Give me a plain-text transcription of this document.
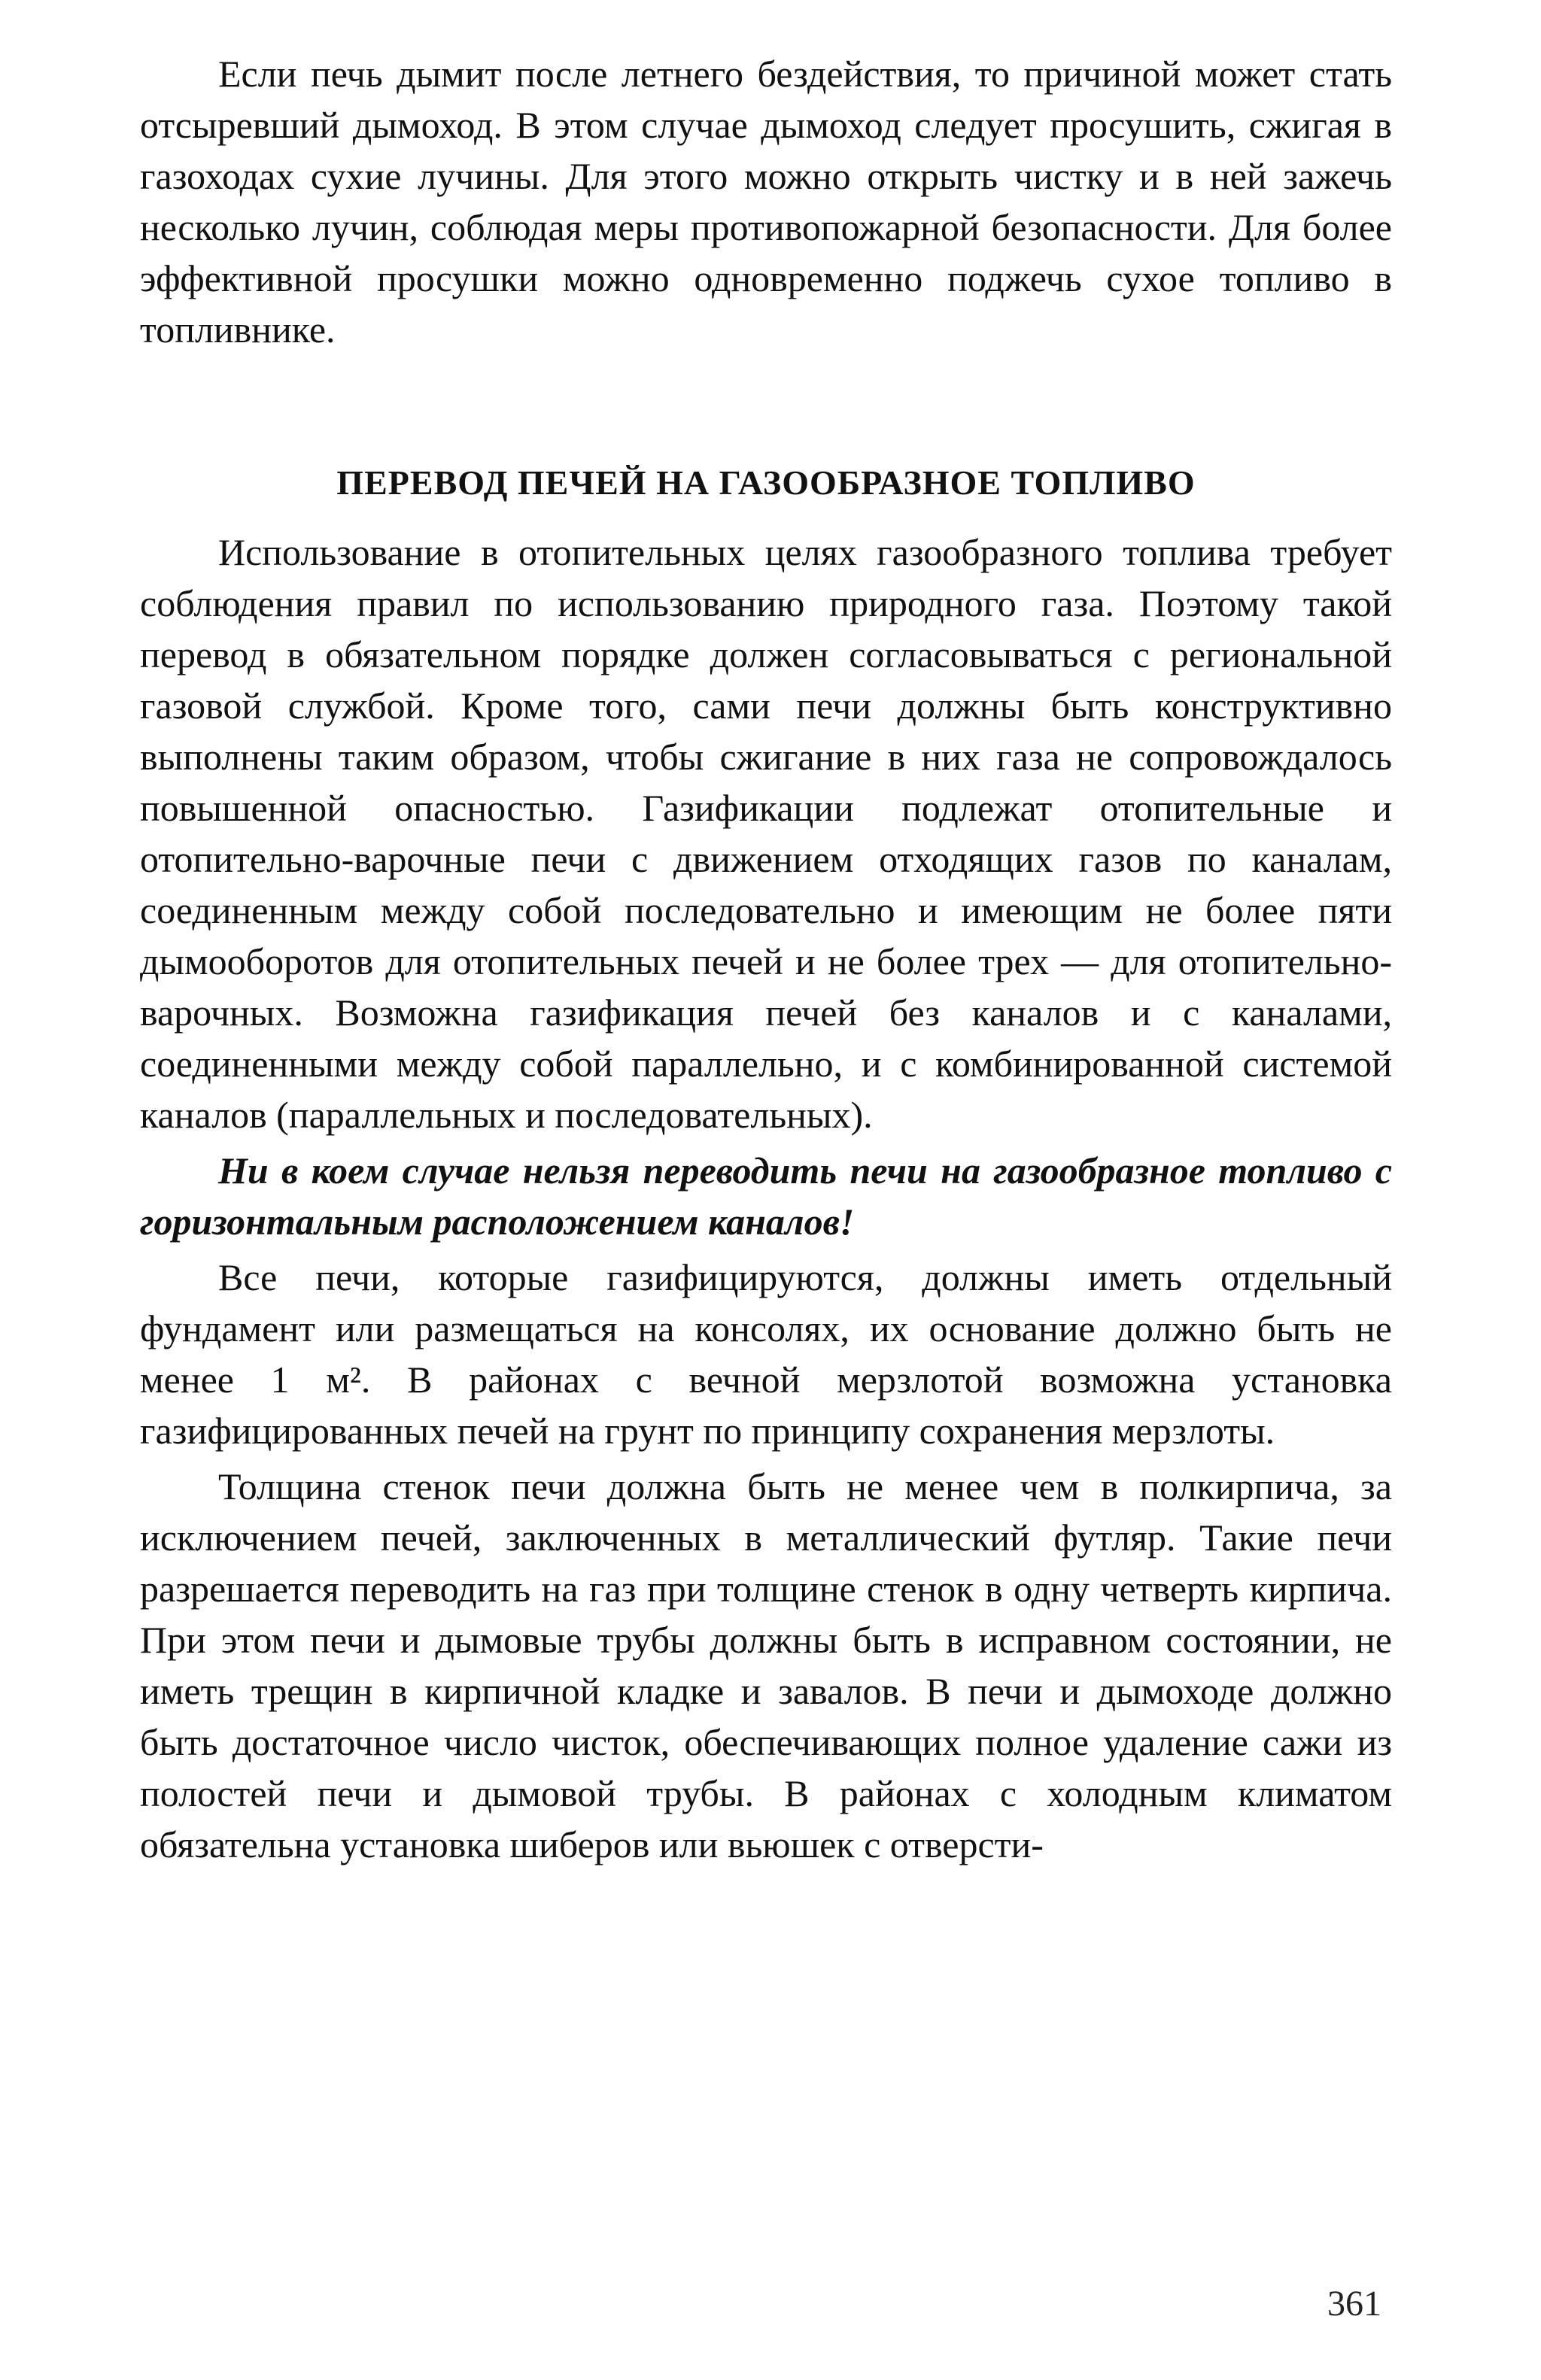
Если печь дымит после летнего бездействия, то причиной может стать отсыревший дымоход. В этом случае дымоход следует просушить, сжигая в газоходах сухие лучины. Для этого можно открыть чистку и в ней зажечь несколько лучин, соблюдая меры противопожарной безопасности. Для более эффективной просушки можно одновременно поджечь сухое топливо в топливнике.

ПЕРЕВОД ПЕЧЕЙ НА ГАЗООБРАЗНОЕ ТОПЛИВО

Использование в отопительных целях газообразного топлива требует соблюдения правил по использованию природного газа. Поэтому такой перевод в обязательном порядке должен согласовываться с региональной газовой службой. Кроме того, сами печи должны быть конструктивно выполнены таким образом, чтобы сжигание в них газа не сопровождалось повышенной опасностью. Газификации подлежат отопительные и отопительно-варочные печи с движением отходящих газов по каналам, соединенным между собой последовательно и имеющим не более пяти дымооборотов для отопительных печей и не более трех — для отопительно-варочных. Возможна газификация печей без каналов и с каналами, соединенными между собой параллельно, и с комбинированной системой каналов (параллельных и последовательных).

Ни в коем случае нельзя переводить печи на газообразное топливо с горизонтальным расположением каналов!

Все печи, которые газифицируются, должны иметь отдельный фундамент или размещаться на консолях, их основание должно быть не менее 1 м². В районах с вечной мерзлотой возможна установка газифицированных печей на грунт по принципу сохранения мерзлоты.

Толщина стенок печи должна быть не менее чем в полкирпича, за исключением печей, заключенных в металлический футляр. Такие печи разрешается переводить на газ при толщине стенок в одну четверть кирпича. При этом печи и дымовые трубы должны быть в исправном состоянии, не иметь трещин в кирпичной кладке и завалов. В печи и дымоходе должно быть достаточное число чисток, обеспечивающих полное удаление сажи из полостей печи и дымовой трубы. В районах с холодным климатом обязательна установка шиберов или вьюшек с отверсти-

361
